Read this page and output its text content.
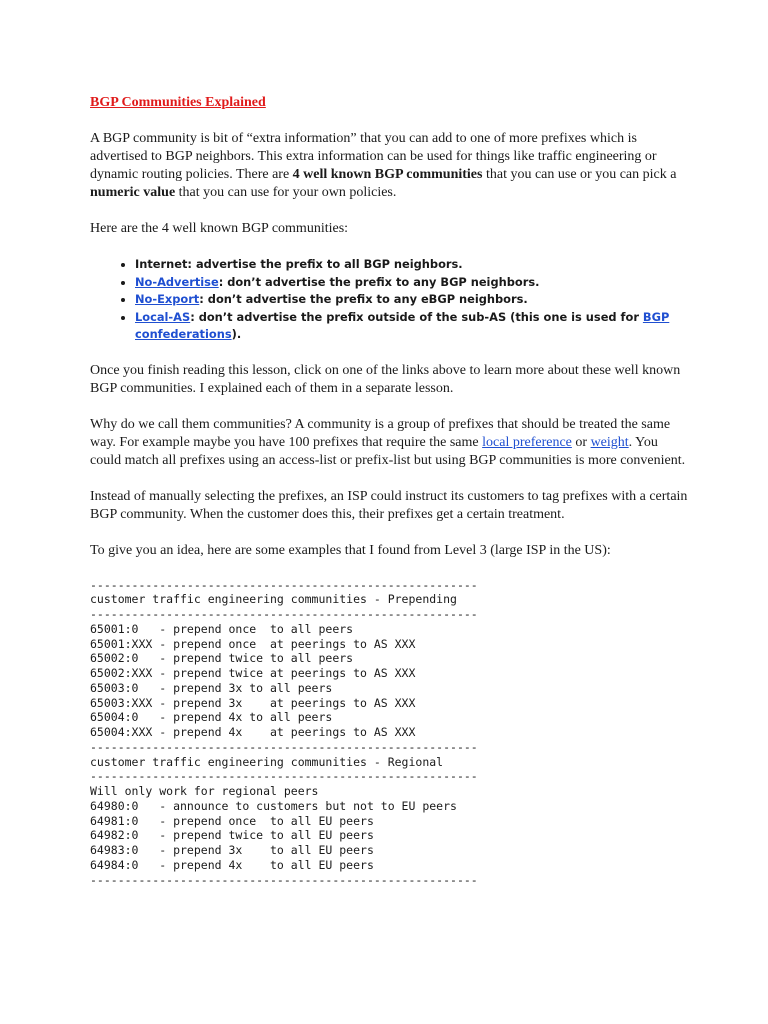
BGP Communities Explained

A BGP community is bit of “extra information” that you can add to one of more prefixes which is advertised to BGP neighbors. This extra information can be used for things like traffic engineering or dynamic routing policies. There are 4 well known BGP communities that you can use or you can pick a numeric value that you can use for your own policies.

Here are the 4 well known BGP communities:

• Internet: advertise the prefix to all BGP neighbors.
• No-Advertise: don’t advertise the prefix to any BGP neighbors.
• No-Export: don’t advertise the prefix to any eBGP neighbors.
• Local-AS: don’t advertise the prefix outside of the sub-AS (this one is used for BGP confederations).

Once you finish reading this lesson, click on one of the links above to learn more about these well known BGP communities. I explained each of them in a separate lesson.

Why do we call them communities? A community is a group of prefixes that should be treated the same way. For example maybe you have 100 prefixes that require the same local preference or weight. You could match all prefixes using an access-list or prefix-list but using BGP communities is more convenient.

Instead of manually selecting the prefixes, an ISP could instruct its customers to tag prefixes with a certain BGP community. When the customer does this, their prefixes get a certain treatment.

To give you an idea, here are some examples that I found from Level 3 (large ISP in the US):

--------------------------------------------------------
customer traffic engineering communities - Prepending
--------------------------------------------------------
65001:0   - prepend once  to all peers
65001:XXX - prepend once  at peerings to AS XXX
65002:0   - prepend twice to all peers
65002:XXX - prepend twice at peerings to AS XXX
65003:0   - prepend 3x to all peers
65003:XXX - prepend 3x    at peerings to AS XXX
65004:0   - prepend 4x to all peers
65004:XXX - prepend 4x    at peerings to AS XXX
--------------------------------------------------------
customer traffic engineering communities - Regional
--------------------------------------------------------
Will only work for regional peers
64980:0   - announce to customers but not to EU peers
64981:0   - prepend once  to all EU peers
64982:0   - prepend twice to all EU peers
64983:0   - prepend 3x    to all EU peers
64984:0   - prepend 4x    to all EU peers
--------------------------------------------------------
